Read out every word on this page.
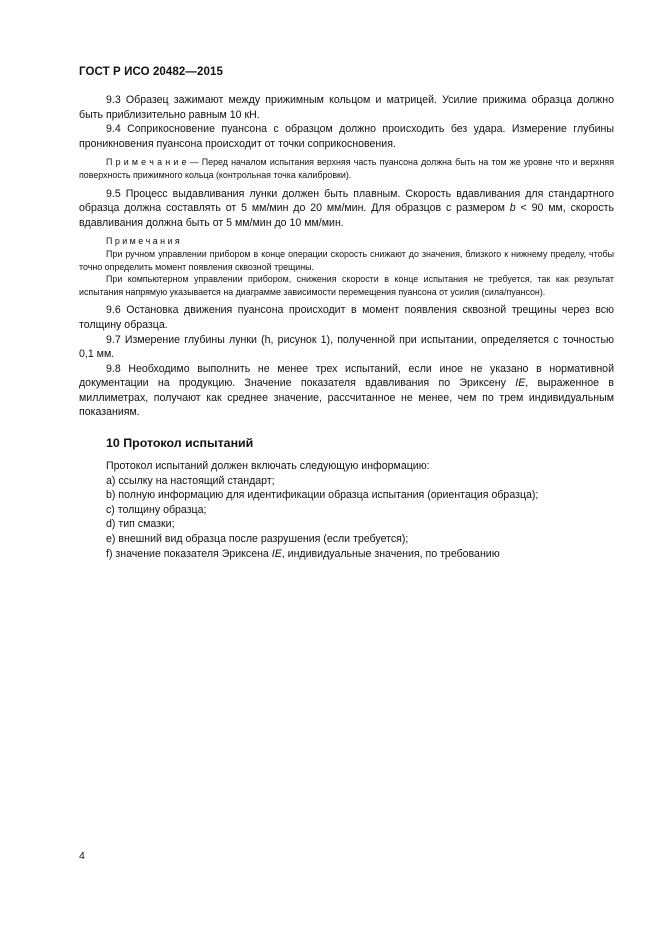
ГОСТ Р ИСО 20482—2015

9.3 Образец зажимают между прижимным кольцом и матрицей. Усилие прижима образца должно быть приблизительно равным 10 кН.

9.4 Соприкосновение пуансона с образцом должно происходить без удара. Измерение глубины проникновения пуансона происходит от точки соприкосновения.

П р и м е ч а н и е — Перед началом испытания верхняя часть пуансона должна быть на том же уровне что и верхняя поверхность прижимного кольца (контрольная точка калибровки).

9.5 Процесс выдавливания лунки должен быть плавным. Скорость вдавливания для стандартного образца должна составлять от 5 мм/мин до 20 мм/мин. Для образцов с размером b < 90 мм, скорость вдавливания должна быть от 5 мм/мин до 10 мм/мин.

П р и м е ч а н и я

При ручном управлении прибором в конце операции скорость снижают до значения, близкого к нижнему пределу, чтобы точно определить момент появления сквозной трещины.

При компьютерном управлении прибором, снижения скорости в конце испытания не требуется, так как результат испытания напрямую указывается на диаграмме зависимости перемещения пуансона от усилия (сила/пуансон).

9.6 Остановка движения пуансона происходит в момент появления сквозной трещины через всю толщину образца.

9.7 Измерение глубины лунки (h, рисунок 1), полученной при испытании, определяется с точностью 0,1 мм.

9.8 Необходимо выполнить не менее трех испытаний, если иное не указано в нормативной документации на продукцию. Значение показателя вдавливания по Эриксену IE, выраженное в миллиметрах, получают как среднее значение, рассчитанное не менее, чем по трем индивидуальным показаниям.

10 Протокол испытаний

Протокол испытаний должен включать следующую информацию:

a) ссылку на настоящий стандарт;

b) полную информацию для идентификации образца испытания (ориентация образца);

c) толщину образца;

d) тип смазки;

e) внешний вид образца после разрушения (если требуется);

f) значение показателя Эриксена IE, индивидуальные значения, по требованию

4
